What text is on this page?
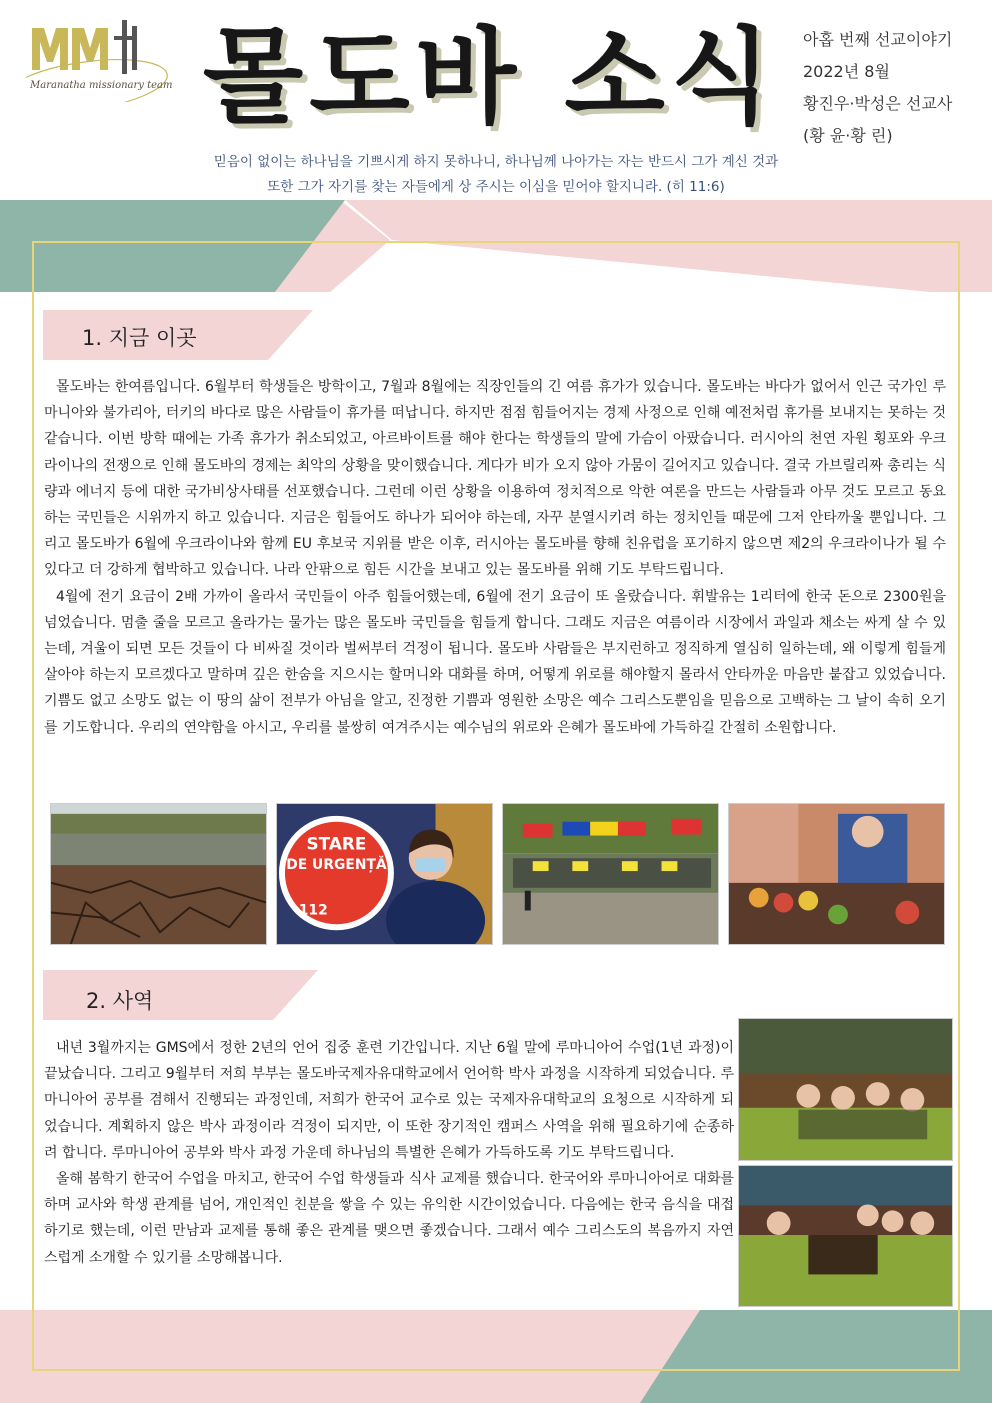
Maranatha missionary team 몰도바 소식 아홉 번째 선교이야기
2022년 8월
황진우·박성은 선교사
(황 윤·황 린)
믿음이 없이는 하나님을 기쁘시게 하지 못하나니, 하나님께 나아가는 자는 반드시 그가 계신 것과
또한 그가 자기를 찾는 자들에게 상 주시는 이심을 믿어야 할지니라. (히 11:6)
1. 지금 이곳

몰도바는 한여름입니다. 6월부터 학생들은 방학이고, 7월과 8월에는 직장인들의 긴 여름 휴가가 있습니다. 몰도바는 바다가 없어서 인근 국가인 루마니아와 불가리아, 터키의 바다로 많은 사람들이 휴가를 떠납니다. 하지만 점점 힘들어지는 경제 사정으로 인해 예전처럼 휴가를 보내지는 못하는 것 같습니다. 이번 방학 때에는 가족 휴가가 취소되었고, 아르바이트를 해야 한다는 학생들의 말에 가슴이 아팠습니다. 러시아의 천연 자원 횡포와 우크라이나의 전쟁으로 인해 몰도바의 경제는 최악의 상황을 맞이했습니다. 게다가 비가 오지 않아 가뭄이 길어지고 있습니다. 결국 가브릴리짜 총리는 식량과 에너지 등에 대한 국가비상사태를 선포했습니다. 그런데 이런 상황을 이용하여 정치적으로 악한 여론을 만드는 사람들과 아무 것도 모르고 동요하는 국민들은 시위까지 하고 있습니다. 지금은 힘들어도 하나가 되어야 하는데, 자꾸 분열시키려 하는 정치인들 때문에 그저 안타까울 뿐입니다. 그리고 몰도바가 6월에 우크라이나와 함께 EU 후보국 지위를 받은 이후, 러시아는 몰도바를 향해 친유럽을 포기하지 않으면 제2의 우크라이나가 될 수 있다고 더 강하게 협박하고 있습니다. 나라 안팎으로 힘든 시간을 보내고 있는 몰도바를 위해 기도 부탁드립니다.

4월에 전기 요금이 2배 가까이 올라서 국민들이 아주 힘들어했는데, 6월에 전기 요금이 또 올랐습니다. 휘발유는 1리터에 한국 돈으로 2300원을 넘었습니다. 멈출 줄을 모르고 올라가는 물가는 많은 몰도바 국민들을 힘들게 합니다. 그래도 지금은 여름이라 시장에서 과일과 채소는 싸게 살 수 있는데, 겨울이 되면 모든 것들이 다 비싸질 것이라 벌써부터 걱정이 됩니다. 몰도바 사람들은 부지런하고 정직하게 열심히 일하는데, 왜 이렇게 힘들게 살아야 하는지 모르겠다고 말하며 깊은 한숨을 지으시는 할머니와 대화를 하며, 어떻게 위로를 해야할지 몰라서 안타까운 마음만 붙잡고 있었습니다. 기쁨도 없고 소망도 없는 이 땅의 삶이 전부가 아님을 알고, 진정한 기쁨과 영원한 소망은 예수 그리스도뿐임을 믿음으로 고백하는 그 날이 속히 오기를 기도합니다. 우리의 연약함을 아시고, 우리를 불쌍히 여겨주시는 예수님의 위로와 은혜가 몰도바에 가득하길 간절히 소원합니다.

STARE
DE URGENȚĂ
112
2. 사역

내년 3월까지는 GMS에서 정한 2년의 언어 집중 훈련 기간입니다. 지난 6월 말에 루마니아어 수업(1년 과정)이 끝났습니다. 그리고 9월부터 저희 부부는 몰도바국제자유대학교에서 언어학 박사 과정을 시작하게 되었습니다. 루마니아어 공부를 겸해서 진행되는 과정인데, 저희가 한국어 교수로 있는 국제자유대학교의 요청으로 시작하게 되었습니다. 계획하지 않은 박사 과정이라 걱정이 되지만, 이 또한 장기적인 캠퍼스 사역을 위해 필요하기에 순종하려 합니다. 루마니아어 공부와 박사 과정 가운데 하나님의 특별한 은혜가 가득하도록 기도 부탁드립니다.

올해 봄학기 한국어 수업을 마치고, 한국어 수업 학생들과 식사 교제를 했습니다. 한국어와 루마니아어로 대화를 하며 교사와 학생 관계를 넘어, 개인적인 친분을 쌓을 수 있는 유익한 시간이었습니다. 다음에는 한국 음식을 대접하기로 했는데, 이런 만남과 교제를 통해 좋은 관계를 맺으면 좋겠습니다. 그래서 예수 그리스도의 복음까지 자연스럽게 소개할 수 있기를 소망해봅니다.
